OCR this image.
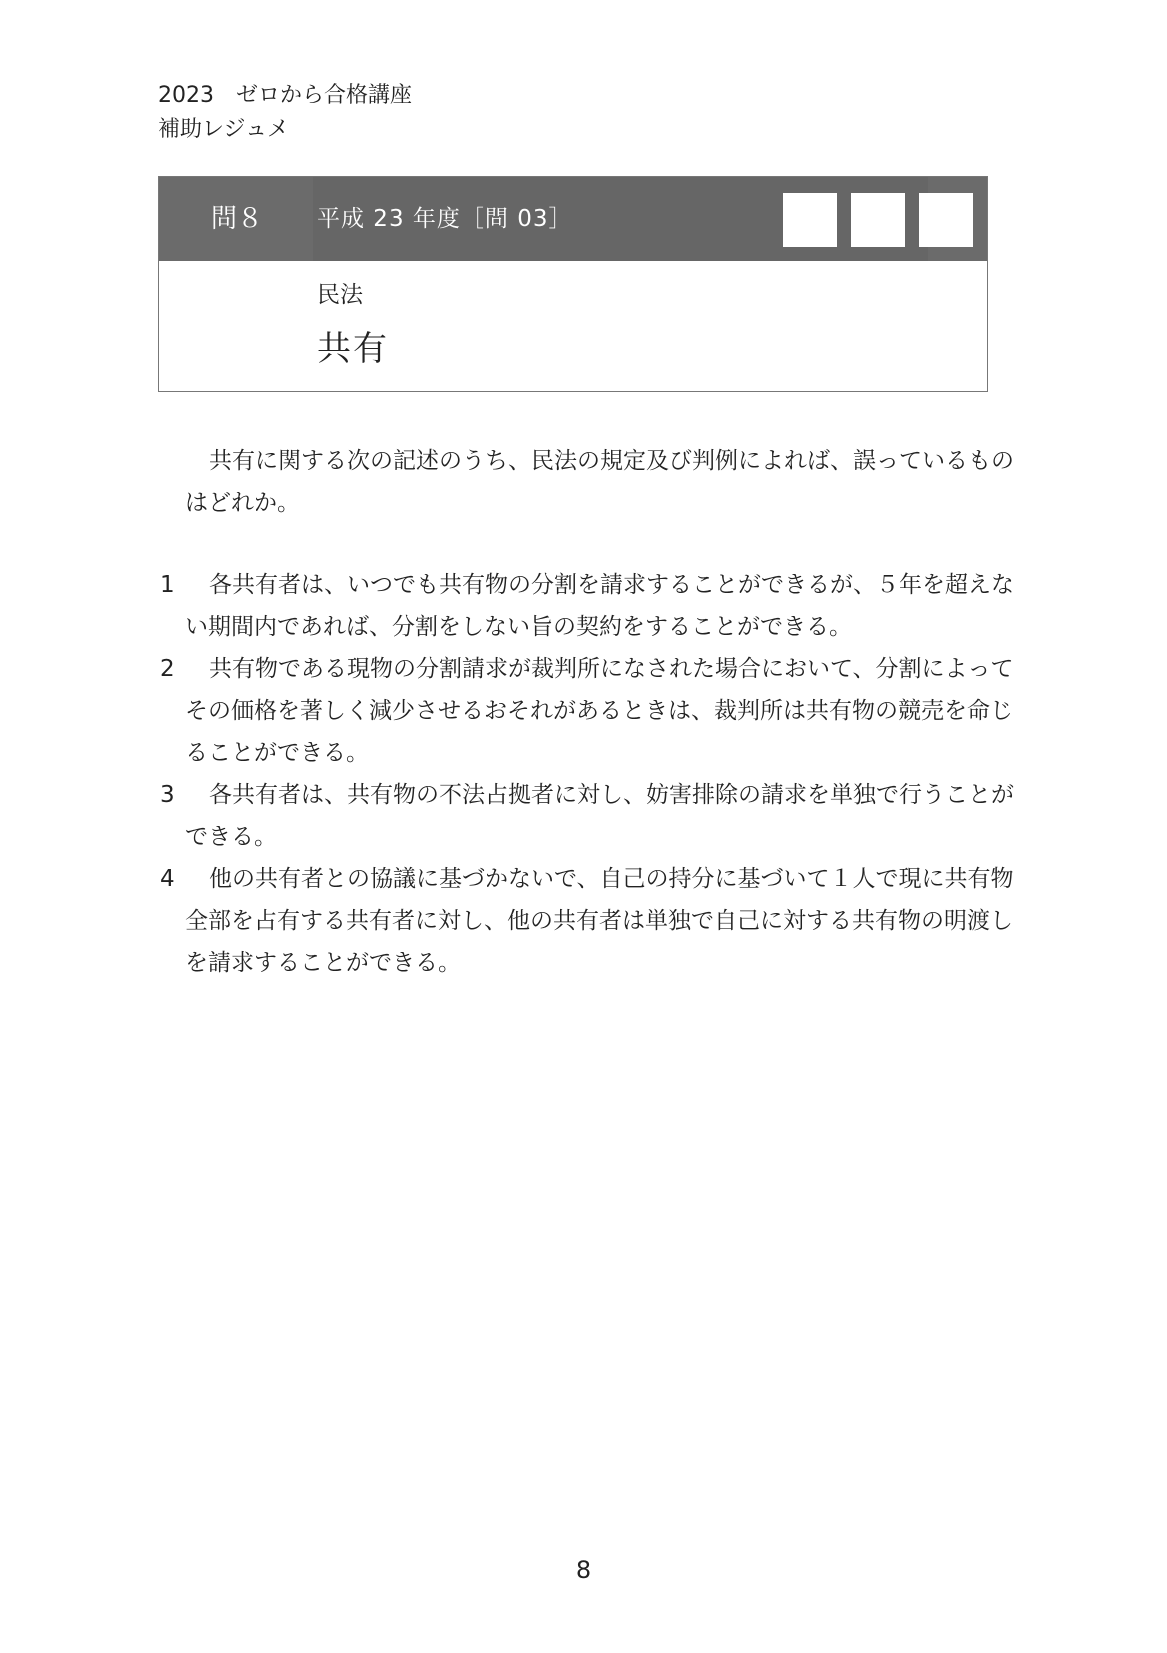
2023　ゼロから合格講座
補助レジュメ
問８ 平成 23 年度［問 03］
民法
共有
共有に関する次の記述のうち、民法の規定及び判例によれば、誤っているものはどれか。
1	各共有者は、いつでも共有物の分割を請求することができるが、５年を超えない期間内であれば、分割をしない旨の契約をすることができる。
2	共有物である現物の分割請求が裁判所になされた場合において、分割によってその価格を著しく減少させるおそれがあるときは、裁判所は共有物の競売を命じることができる。
3	各共有者は、共有物の不法占拠者に対し、妨害排除の請求を単独で行うことができる。
4	他の共有者との協議に基づかないで、自己の持分に基づいて１人で現に共有物全部を占有する共有者に対し、他の共有者は単独で自己に対する共有物の明渡しを請求することができる。
8
